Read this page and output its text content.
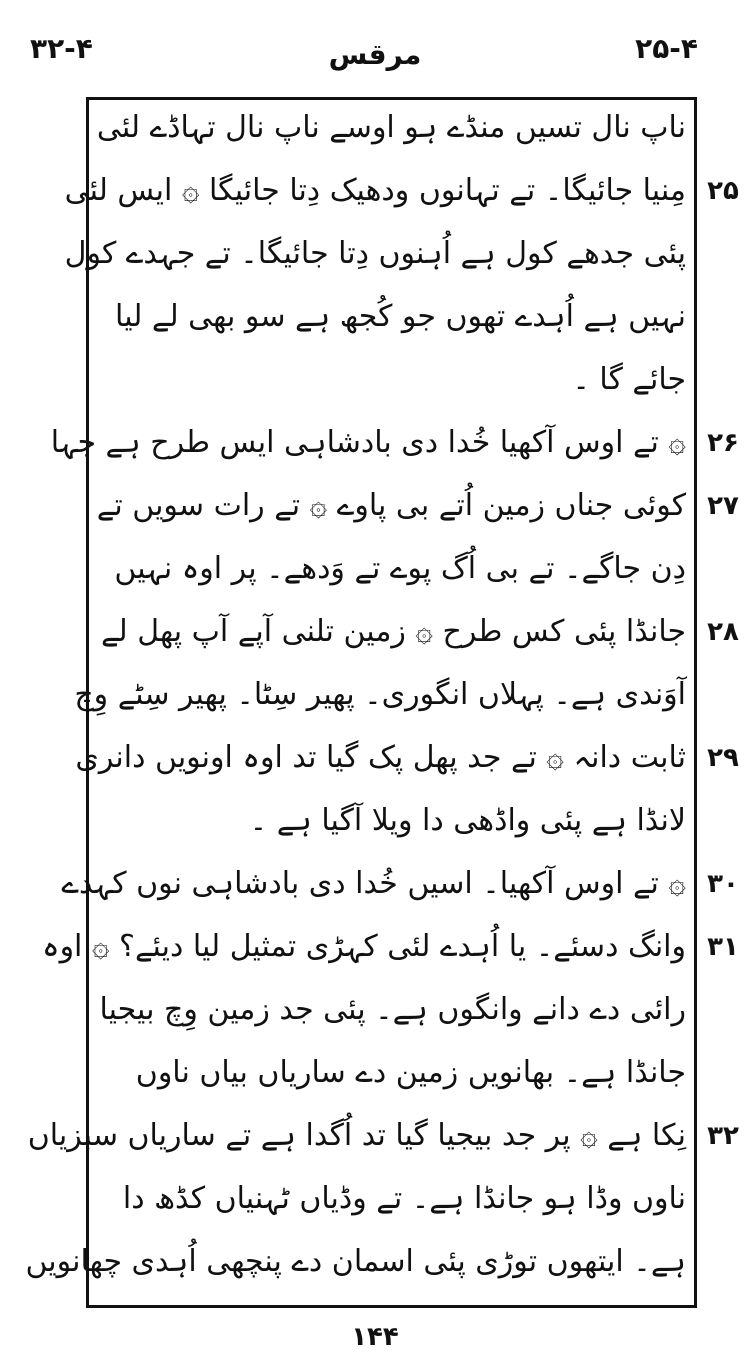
۳۲-۴	مرقس	۲۵-۴
ناپ نال تسیں منڈے ہو اوسے ناپ نال تہاڈے لئی
مِنیا جائیگا۔ تے تہانوں ودھیک دِتا جائیگا ۞ ایس لئی
پئی جدھے کول ہے اُہنوں دِتا جائیگا۔ تے جہدے کول
نہیں ہے اُہدے تھوں جو کُجھ ہے سو بھی لے لیا
جائے گا ۔
۞ تے اوس آکھیا خُدا دی بادشاہی ایس طرح ہے جہا
کوئی جناں زمین اُتے بی پاوے ۞ تے رات سویں تے
دِن جاگے۔ تے بی اُگ پوے تے وَدھے۔ پر اوہ نہیں
جانڈا پئی کس طرح ۞ زمین تلنی آپے آپ پھل لے
آوَندی ہے۔ پہلاں انگوری۔ پھیر سِٹا۔ پھیر سِٹے وِچ
ثابت دانہ ۞ تے جد پھل پک گیا تد اوہ اونویں دانری
لانڈا ہے پئی واڈھی دا ویلا آگیا ہے ۔
۞ تے اوس آکھیا۔ اسیں خُدا دی بادشاہی نوں کہدے
وانگ دسئے۔ یا اُہدے لئی کہڑی تمثیل لیا دیئے؟ ۞ اوہ
رائی دے دانے وانگوں ہے۔ پئی جد زمین وِچ بیجیا
جانڈا ہے۔ بھانویں زمین دے ساریاں بیاں ناوں
نِکا ہے ۞ پر جد بیجیا گیا تد اُگدا ہے تے ساریاں سبزیاں
ناوں وڈا ہو جانڈا ہے۔ تے وڈیاں ٹہنیاں کڈھ دا
ہے۔ ایتھوں توڑی پئی اسمان دے پنچھی اُہدی چھانویں
۲۵
۲۶
۲۷
۲۸
۲۹
۳۰
۳۱
۳۲
۱۴۴
